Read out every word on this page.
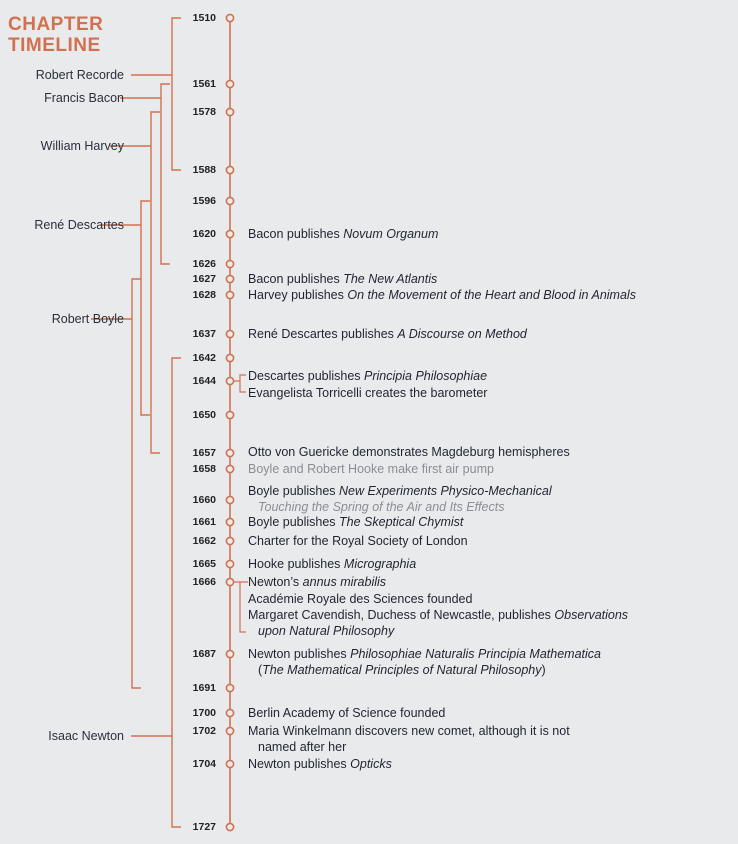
CHAPTER
TIMELINE
1510
1561
1578
1588
1596
1620
1626
1627
1628
1637
1642
1644
1650
1657
1658
1660
1661
1662
1665
1666
1687
1691
1700
1702
1704
1727
Robert Recorde
Francis Bacon
William Harvey
René Descartes
Robert Boyle
Isaac Newton
Bacon publishes Novum Organum
Bacon publishes The New Atlantis
Harvey publishes On the Movement of the Heart and Blood in Animals
René Descartes publishes A Discourse on Method
Descartes publishes Principia Philosophiae
Evangelista Torricelli creates the barometer
Otto von Guericke demonstrates Magdeburg hemispheres
Boyle and Robert Hooke make first air pump
Boyle publishes New Experiments Physico-Mechanical
Touching the Spring of the Air and Its Effects
Boyle publishes The Skeptical Chymist
Charter for the Royal Society of London
Hooke publishes Micrographia
Newton’s annus mirabilis
Académie Royale des Sciences founded
Margaret Cavendish, Duchess of Newcastle, publishes Observations
upon Natural Philosophy
Newton publishes Philosophiae Naturalis Principia Mathematica
(The Mathematical Principles of Natural Philosophy)
Berlin Academy of Science founded
Maria Winkelmann discovers new comet, although it is not
named after her
Newton publishes Opticks
